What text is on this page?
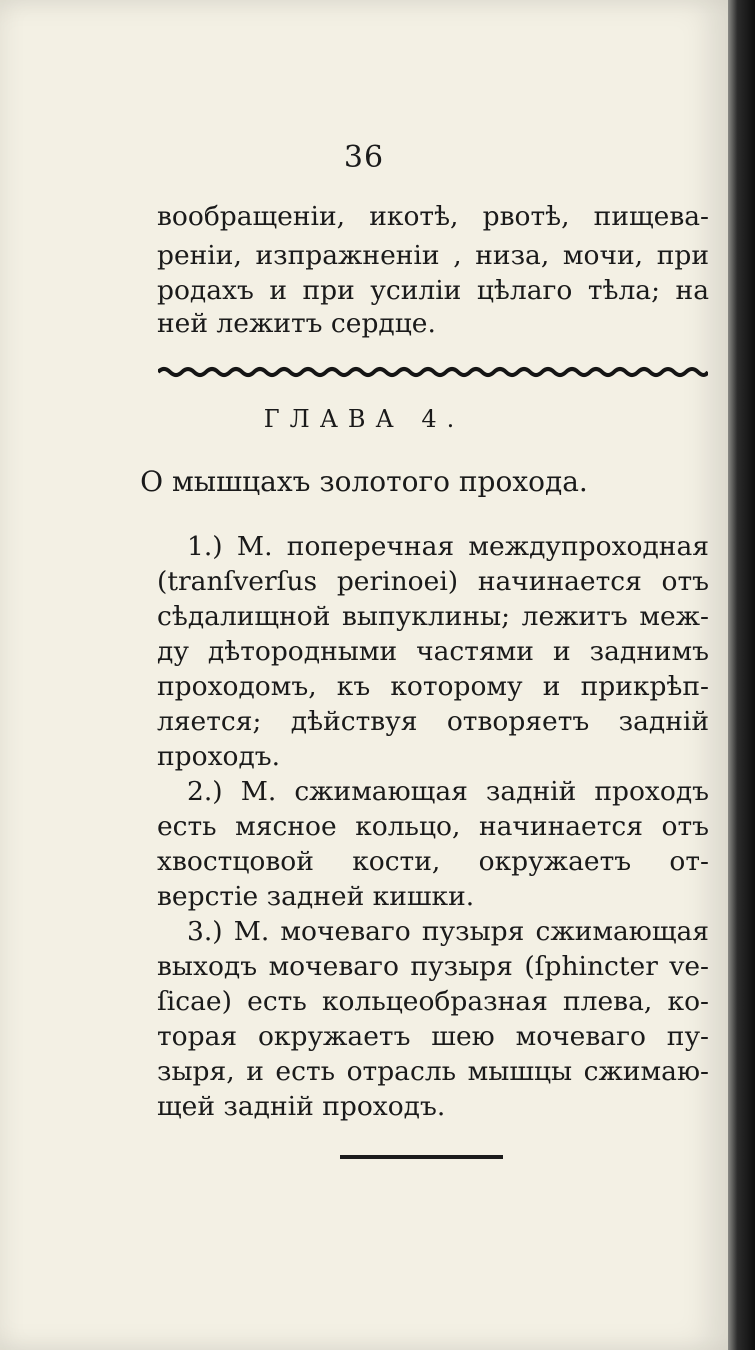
36
вообращенiи, икотѣ, рвотѣ, пищева-
ренiи, изпражненiи , низа, мочи, при
родахъ и при усилiи цѣлаго тѣла; на
ней лежитъ сердце.
ГЛАВА 4.
О мышцахъ золотого прохода.
1.) М. поперечная междупроходная
(tranſverſus perinoei) начинается отъ
сѣдалищной выпуклины; лежитъ меж-
ду дѣтородными частями и заднимъ
проходомъ, къ которому и прикрѣп-
ляется; дѣйствуя отворяетъ заднiй
проходъ.
2.) М. сжимающая заднiй проходъ
есть мясное кольцо, начинается отъ
хвостцовой кости, окружаетъ от-
верстiе задней кишки.
3.) М. мочеваго пузыря сжимающая
выходъ мочеваго пузыря (ſphincter ve-
ſicae) есть кольцеобразная плева, ко-
торая окружаетъ шею мочеваго пу-
зыря, и есть отрасль мышцы сжимаю-
щей заднiй проходъ.
